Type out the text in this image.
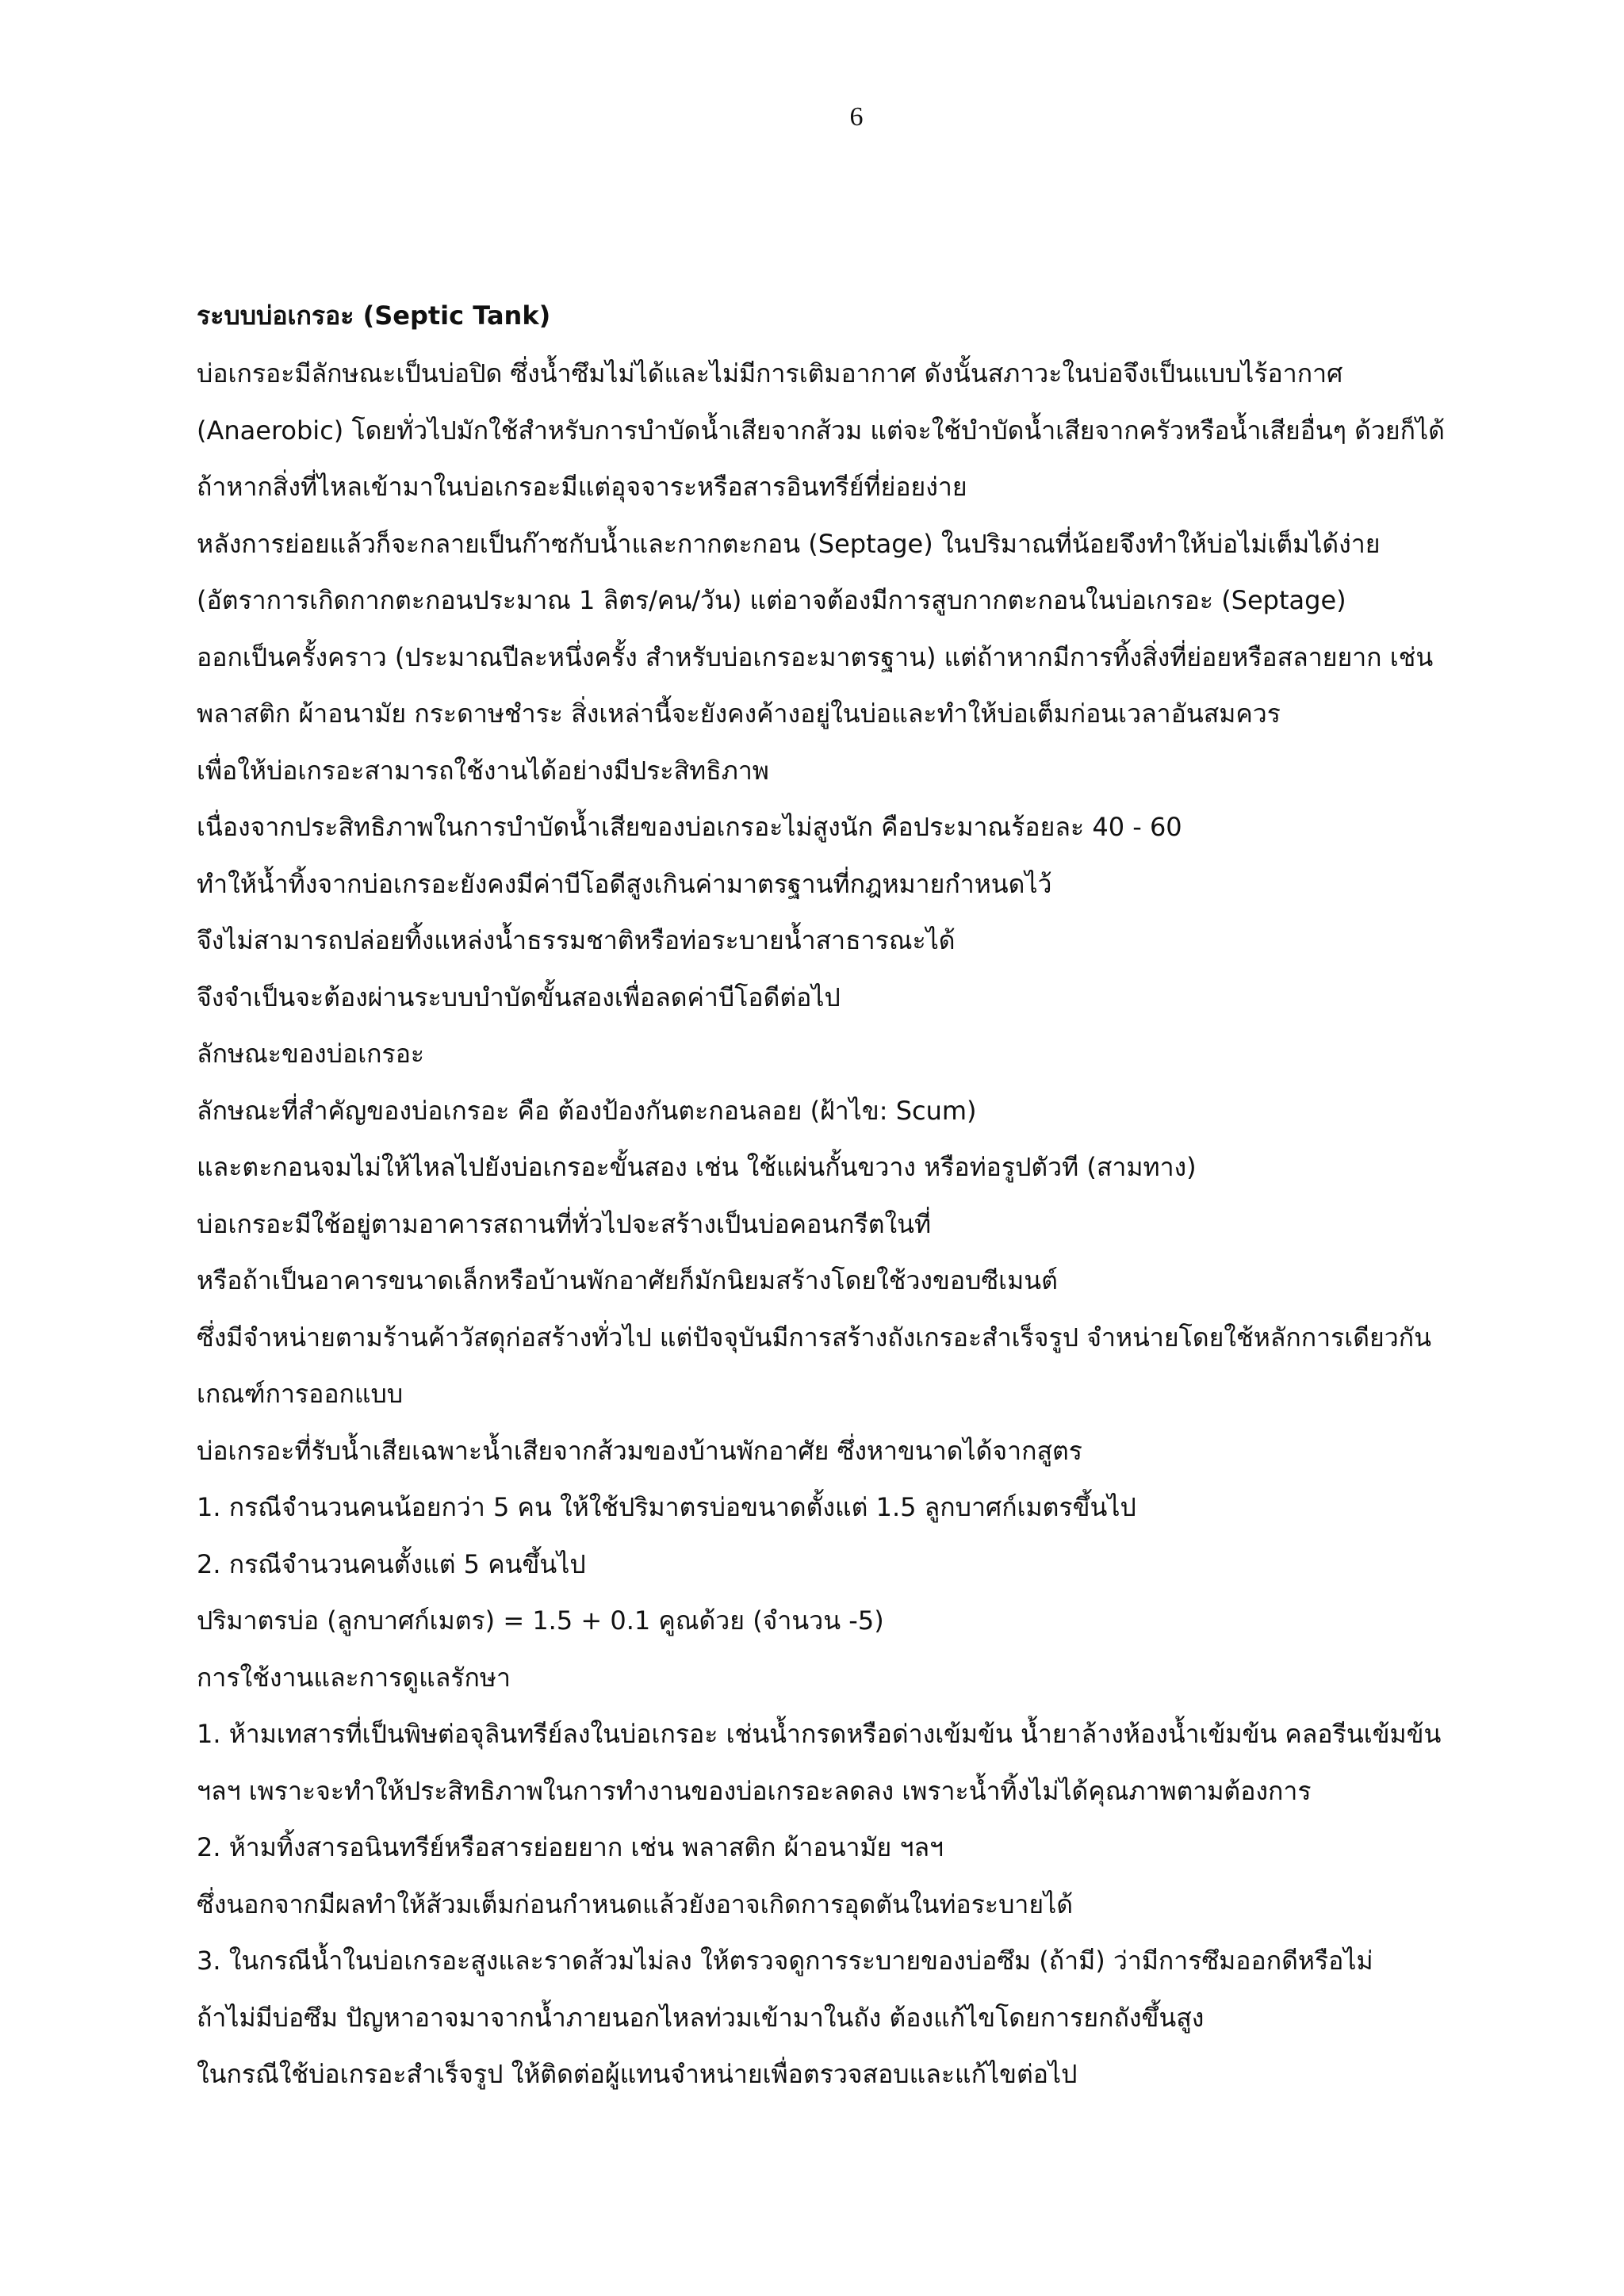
6
ระบบบ่อเกรอะ (Septic Tank)
บ่อเกรอะมีลักษณะเป็นบ่อปิด ซึ่งน้ำซึมไม่ได้และไม่มีการเติมอากาศ ดังนั้นสภาวะในบ่อจึงเป็นแบบไร้อากาศ
(Anaerobic) โดยทั่วไปมักใช้สำหรับการบำบัดน้ำเสียจากส้วม แต่จะใช้บำบัดน้ำเสียจากครัวหรือน้ำเสียอื่นๆ ด้วยก็ได้
ถ้าหากสิ่งที่ไหลเข้ามาในบ่อเกรอะมีแต่อุจจาระหรือสารอินทรีย์ที่ย่อยง่าย
หลังการย่อยแล้วก็จะกลายเป็นก๊าซกับน้ำและกากตะกอน (Septage) ในปริมาณที่น้อยจึงทำให้บ่อไม่เต็มได้ง่าย
(อัตราการเกิดกากตะกอนประมาณ 1 ลิตร/คน/วัน) แต่อาจต้องมีการสูบกากตะกอนในบ่อเกรอะ (Septage)
ออกเป็นครั้งคราว (ประมาณปีละหนึ่งครั้ง สำหรับบ่อเกรอะมาตรฐาน) แต่ถ้าหากมีการทิ้งสิ่งที่ย่อยหรือสลายยาก เช่น
พลาสติก ผ้าอนามัย กระดาษชำระ สิ่งเหล่านี้จะยังคงค้างอยู่ในบ่อและทำให้บ่อเต็มก่อนเวลาอันสมควร
เพื่อให้บ่อเกรอะสามารถใช้งานได้อย่างมีประสิทธิภาพ
เนื่องจากประสิทธิภาพในการบำบัดน้ำเสียของบ่อเกรอะไม่สูงนัก คือประมาณร้อยละ 40 - 60
ทำให้น้ำทิ้งจากบ่อเกรอะยังคงมีค่าบีโอดีสูงเกินค่ามาตรฐานที่กฎหมายกำหนดไว้
จึงไม่สามารถปล่อยทิ้งแหล่งน้ำธรรมชาติหรือท่อระบายน้ำสาธารณะได้
จึงจำเป็นจะต้องผ่านระบบบำบัดขั้นสองเพื่อลดค่าบีโอดีต่อไป
ลักษณะของบ่อเกรอะ
ลักษณะที่สำคัญของบ่อเกรอะ คือ ต้องป้องกันตะกอนลอย (ฝ้าไข: Scum)
และตะกอนจมไม่ให้ไหลไปยังบ่อเกรอะขั้นสอง เช่น ใช้แผ่นกั้นขวาง หรือท่อรูปตัวที (สามทาง)
บ่อเกรอะมีใช้อยู่ตามอาคารสถานที่ทั่วไปจะสร้างเป็นบ่อคอนกรีตในที่
หรือถ้าเป็นอาคารขนาดเล็กหรือบ้านพักอาศัยก็มักนิยมสร้างโดยใช้วงขอบซีเมนต์
ซึ่งมีจำหน่ายตามร้านค้าวัสดุก่อสร้างทั่วไป แต่ปัจจุบันมีการสร้างถังเกรอะสำเร็จรูป จำหน่ายโดยใช้หลักการเดียวกัน
เกณฑ์การออกแบบ
บ่อเกรอะที่รับน้ำเสียเฉพาะน้ำเสียจากส้วมของบ้านพักอาศัย ซึ่งหาขนาดได้จากสูตร
1. กรณีจำนวนคนน้อยกว่า 5 คน ให้ใช้ปริมาตรบ่อขนาดตั้งแต่ 1.5 ลูกบาศก์เมตรขึ้นไป
2. กรณีจำนวนคนตั้งแต่ 5 คนขึ้นไป
ปริมาตรบ่อ (ลูกบาศก์เมตร) = 1.5 + 0.1 คูณด้วย (จำนวน -5)
การใช้งานและการดูแลรักษา
1. ห้ามเทสารที่เป็นพิษต่อจุลินทรีย์ลงในบ่อเกรอะ เช่นน้ำกรดหรือด่างเข้มข้น น้ำยาล้างห้องน้ำเข้มข้น คลอรีนเข้มข้น
ฯลฯ เพราะจะทำให้ประสิทธิภาพในการทำงานของบ่อเกรอะลดลง เพราะน้ำทิ้งไม่ได้คุณภาพตามต้องการ
2. ห้ามทิ้งสารอนินทรีย์หรือสารย่อยยาก เช่น พลาสติก ผ้าอนามัย ฯลฯ
ซึ่งนอกจากมีผลทำให้ส้วมเต็มก่อนกำหนดแล้วยังอาจเกิดการอุดตันในท่อระบายได้
3. ในกรณีน้ำในบ่อเกรอะสูงและราดส้วมไม่ลง ให้ตรวจดูการระบายของบ่อซึม (ถ้ามี) ว่ามีการซึมออกดีหรือไม่
ถ้าไม่มีบ่อซึม ปัญหาอาจมาจากน้ำภายนอกไหลท่วมเข้ามาในถัง ต้องแก้ไขโดยการยกถังขึ้นสูง
ในกรณีใช้บ่อเกรอะสำเร็จรูป ให้ติดต่อผู้แทนจำหน่ายเพื่อตรวจสอบและแก้ไขต่อไป
